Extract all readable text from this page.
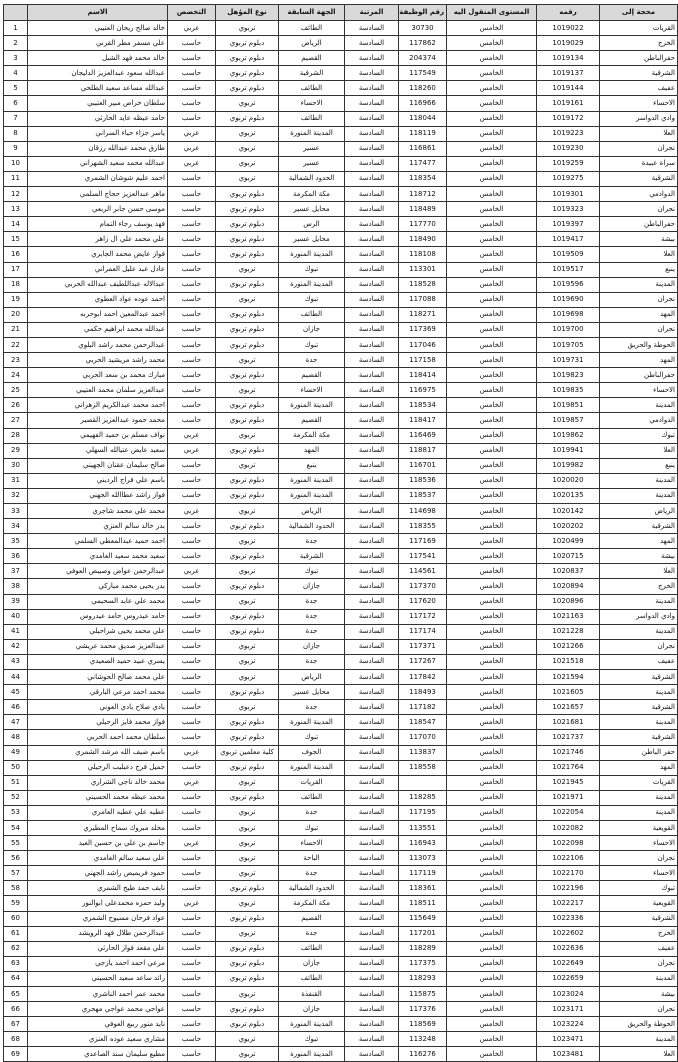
محجة إلى	رقمه	المستوى المنقول اليه	رقم الوظيفة	المرتبة	الجهة السابقة	نوع المؤهل	التخصص	الاسم	
القريات	1019022	الخامس	30730	السادسة	الطائف	تربوي	عربي	خالد صالح ريحان العتيبي	1
الخرج	1019029	الخامس	117862	السادسة	الرياض	دبلوم تربوي	حاسب	علي مسفر مطر القرني	2
حفرالباطن	1019134	الخامس	204374	السادسة	القصيم	دبلوم تربوي	حاسب	خالد محمد فهد الشبل	3
الشرقية	1019137	الخامس	117549	السادسة	الشرقية	دبلوم تربوي	حاسب	عبدالله سعود عبدالعزيز الدليجان	4
عفيف	1019144	الخامس	118260	السادسة	الطائف	دبلوم تربوي	حاسب	عبدالله مساعد سعيد الطلحي	5
الاحساء	1019161	الخامس	116966	السادسة	الاحساء	تربوي	حاسب	سلطان خراص مبير العتيبي	6
وادي الدواسر	1019172	الخامس	118044	السادسة	الطائف	دبلوم تربوي	حاسب	حامد عيظه عايد الحارثي	7
العلا	1019223	الخامس	118119	السادسة	المدينة المنورة	تربوي	عربي	ياسر جزاء حياء السراني	8
نجران	1019230	الخامس	116861	السادسة	عسير	تربوي	عربي	طارق محمد عبدالله رزقان	9
سراة عبيدة	1019259	الخامس	117477	السادسة	عسير	تربوي	عربي	عبدالله محمد سعيد الشهراني	10
الشرقية	1019275	الخامس	118354	السادسة	الحدود الشمالية	تربوي	حاسب	احمد عليم شوشان الشمري	11
الدوادمي	1019301	الخامس	118712	السادسة	مكة المكرمة	دبلوم تربوي	حاسب	ماهر عبدالعزيز حجاج السلمي	12
نجران	1019323	الخامس	118489	السادسة	محايل عسير	دبلوم تربوي	حاسب	موسى حسن جابر الربعي	13
حفرالباطن	1019397	الخامس	117770	السادسة	الرس	دبلوم تربوي	حاسب	فهد يوسف رجاء التمام	14
بيشة	1019417	الخامس	118490	السادسة	محايل عسير	دبلوم تربوي	حاسب	علي محمد علي ال زاهر	15
العلا	1019509	الخامس	118108	السادسة	المدينة المنورة	دبلوم تربوي	حاسب	فواز عايض محمد الجابري	16
ينبع	1019517	الخامس	113301	السادسة	تبوك	تربوي	حاسب	عادل عبد عليل العمراني	17
المدينة	1019596	الخامس	118528	السادسة	المدينة المنورة	دبلوم تربوي	حاسب	عبدالاله عبداللطيف عبدالله الحربي	18
نجران	1019690	الخامس	117088	السادسة	تبوك	تربوي	حاسب	احمد عوده عواد العطوي	19
المهد	1019698	الخامس	118271	السادسة	الطائف	دبلوم تربوي	حاسب	احمد عبدالمعين احمد ابوحربه	20
نجران	1019700	الخامس	117369	السادسة	جازان	دبلوم تربوي	حاسب	عبدالله محمد ابراهيم حكمي	21
الحوطة والحريق	1019705	الخامس	117046	السادسة	تبوك	دبلوم تربوي	حاسب	عبدالرحمن محمد راشد البلوي	22
المهد	1019731	الخامس	117158	السادسة	جدة	تربوي	حاسب	محمد راشد مريشيد الحربي	23
حفرالباطن	1019823	الخامس	118414	السادسة	القصيم	دبلوم تربوي	حاسب	مبارك محمد بن سعد الحربي	24
الاحساء	1019835	الخامس	116975	السادسة	الاحساء	تربوي	حاسب	عبدالعزيز سلمان محمد العتيبي	25
المدينة	1019851	الخامس	118534	السادسة	المدينة المنورة	دبلوم تربوي	حاسب	احمد محمد عبدالكريم الزهراني	26
الدوادمي	1019857	الخامس	118417	السادسة	القصيم	دبلوم تربوي	حاسب	محمد حمود عبدالعزيز القصير	27
تبوك	1019862	الخامس	116469	السادسة	مكة المكرمة	تربوي	عربي	نواف مسلم بن حميد الفهيمي	28
العلا	1019941	الخامس	118817	السادسة	المهد	دبلوم تربوي	عربي	سعيد عايض عتيالله السهلي	29
ينبع	1019982	الخامس	116701	السادسة	ينبع	تربوي	حاسب	صالح سليمان عقنان الجهيني	30
المدينة	1020020	الخامس	118536	السادسة	المدينة المنورة	دبلوم تربوي	حاسب	باسم علي فراج الرديني	31
المدينة	1020135	الخامس	118537	السادسة	المدينة المنورة	دبلوم تربوي	حاسب	فواز راشد عطاالله الجهني	32
الرياض	1020142	الخامس	114698	السادسة	الرياض	تربوي	عربي	محمد علي محمد شاجري	33
الشرقية	1020202	الخامس	118355	السادسة	الحدود الشمالية	دبلوم تربوي	حاسب	بدر خالد سالم العنزي	34
المهد	1020499	الخامس	117169	السادسة	جدة	تربوي	حاسب	احمد حميد عبدالمعطي السلمي	35
بيشة	1020715	الخامس	117541	السادسة	الشرقية	دبلوم تربوي	حاسب	سعيد محمد سعيد الغامدي	36
العلا	1020837	الخامس	114561	السادسة	تبوك	تربوي	عربي	عبدالرحمن عواض وصيبص العوفي	37
الخرج	1020894	الخامس	117370	السادسة	جازان	دبلوم تربوي	حاسب	بدر يحيى محمد مباركي	38
المدينة	1020896	الخامس	117620	السادسة	جدة	تربوي	حاسب	محمد علي عابد السحيمي	39
وادي الدواسر	1021163	الخامس	117172	السادسة	جدة	دبلوم تربوي	حاسب	حامد عيدروس حامد عيدروس	40
المدينة	1021228	الخامس	117174	السادسة	جدة	دبلوم تربوي	حاسب	علي محمد يحيى شراحيلي	41
نجران	1021266	الخامس	117371	السادسة	جازان	تربوي	حاسب	عبدالعزيز صديق محمد عريشي	42
عفيف	1021518	الخامس	117267	السادسة	جدة	تربوي	حاسب	يسري عبيد حميد الصعيدي	43
الشرقية	1021594	الخامس	117842	السادسة	الرياض	تربوي	حاسب	علي محمد صالح الحوشاني	44
المدينة	1021605	الخامس	118493	السادسة	محايل عسير	دبلوم تربوي	حاسب	محمد احمد مرعي البارقي	45
الشرقية	1021657	الخامس	117182	السادسة	جدة	تربوي	حاسب	بادي صلاح بادي العوني	46
المدينة	1021681	الخامس	118547	السادسة	المدينة المنورة	دبلوم تربوي	حاسب	فواز محمد فايز الرحيلي	47
الشرقية	1021737	الخامس	117070	السادسة	تبوك	دبلوم تربوي	حاسب	سلطان محمد احمد الحربي	48
حفر الباطن	1021746	الخامس	113837	السادسة	الجوف	كلية معلمين تربوي	عربي	باسم ضيف الله مرشد الشمري	49
المهد	1021764	الخامس	118558	السادسة	المدينة المنورة	دبلوم تربوي	حاسب	جميل فرج دعيليب الرحيلي	50
القريات	1021945	الخامس		السادسة	القريات	تربوي	عربي	محمد خالد ناجي الشراري	51
المدينة	1021971	الخامس	118285	السادسة	الطائف	دبلوم تربوي	حاسب	محمد عيظه محمد الحسيني	52
المدينة	1022054	الخامس	117195	السادسة	جدة	تربوي	حاسب	عطيه علي عطيه العامري	53
القويعية	1022082	الخامس	113551	السادسة	تبوك	تربوي	حاسب	مخلد مبروك سماح المطيري	54
الاحساء	1022098	الخامس	116943	السادسة	الاحساء	تربوي	عربي	جاسم بن علي بن حسين العيد	55
نجران	1022106	الخامس	113073	السادسة	الباحة	تربوي	حاسب	علي سعيد سالم الغامدي	56
الاحساء	1022170	الخامس	117119	السادسة	جدة	تربوي	حاسب	حمود فريميص راشد الجهني	57
تبوك	1022196	الخامس	118361	السادسة	الحدود الشمالية	دبلوم تربوي	حاسب	نايف حمد طيخ الشمري	58
القويعية	1022217	الخامس	118511	السادسة	مكة المكرمة	تربوي	عربي	وليد حمزه محمدعلي ابوالنور	59
الشرقية	1022336	الخامس	115649	السادسة	القصيم	دبلوم تربوي	حاسب	عواد فرحان مسيوح الشمري	60
الخرج	1022602	الخامس	117201	السادسة	جدة	تربوي	حاسب	عبدالرحمن طلال فهد الرويشد	61
عفيف	1022636	الخامس	118289	السادسة	الطائف	دبلوم تربوي	حاسب	علي مقعد فواز الحارثي	62
نجران	1022649	الخامس	117375	السادسة	جازان	دبلوم تربوي	حاسب	مرعي احمد احمد يازجي	63
المدينة	1022659	الخامس	118293	السادسة	الطائف	دبلوم تربوي	حاسب	رائد ساعد سعيد الحسيني	64
بيشة	1023024	الخامس	115875	السادسة	القنفذة	تربوي	حاسب	محمد عمر احمد الناشري	65
نجران	1023171	الخامس	117376	السادسة	جازان	دبلوم تربوي	حاسب	عواجي محمد عواجي مهجري	66
الحوطة والحريق	1023224	الخامس	118569	السادسة	المدينة المنورة	دبلوم تربوي	حاسب	نايد منور ربيع العوفي	67
المدينة	1023471	الخامس	113248	السادسة	تبوك	تربوي	حاسب	مشاري سعيد عوده العنزي	68
العلا	1023481	الخامس	116276	السادسة	المدينة المنورة	تربوي	حاسب	مطيع سليمان سند الصاعدي	69
